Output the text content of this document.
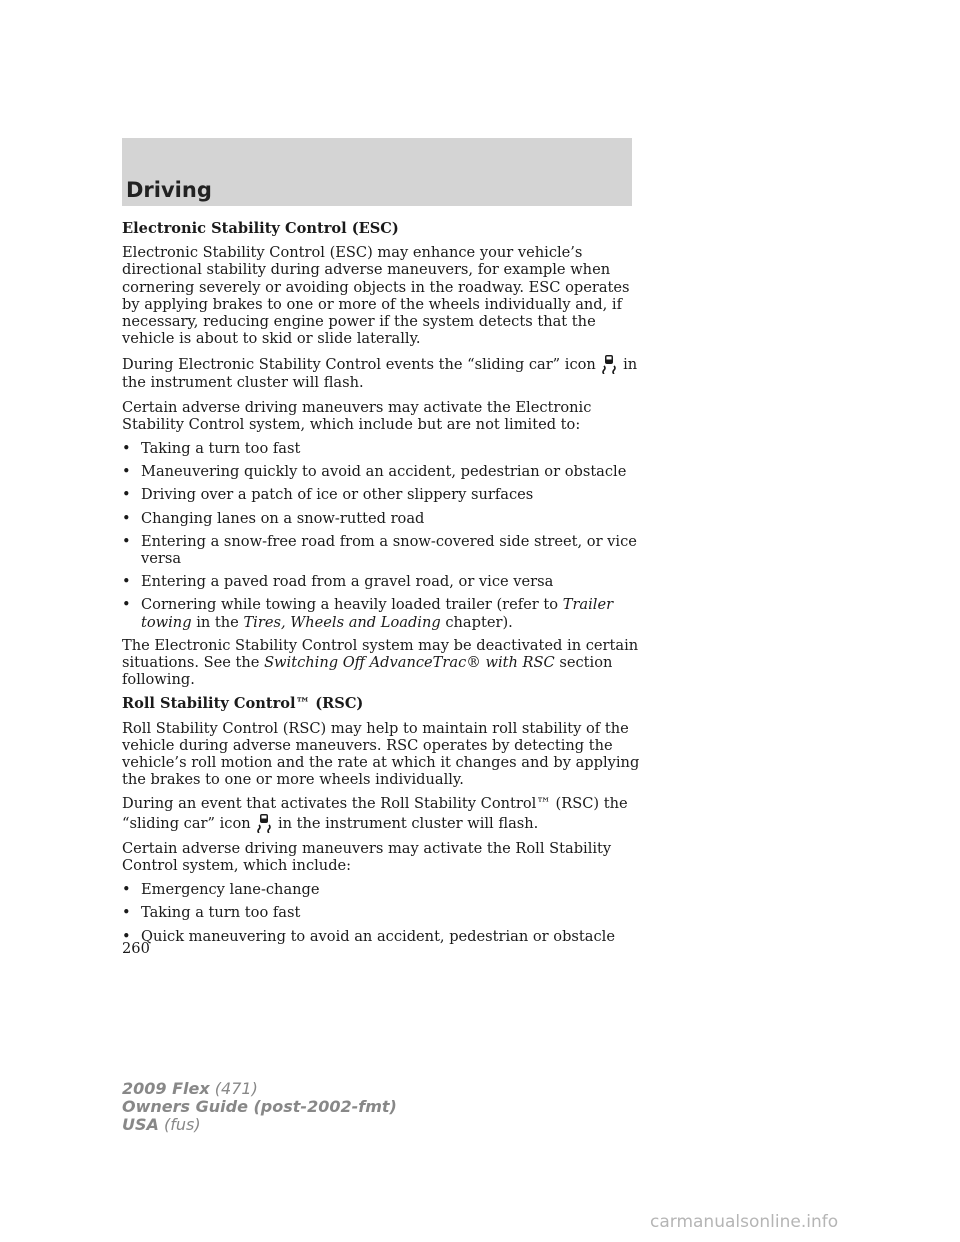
Driving
Electronic Stability Control (ESC)

Electronic Stability Control (ESC) may enhance your vehicle’s directional stability during adverse maneuvers, for example when cornering severely or avoiding objects in the roadway. ESC operates by applying brakes to one or more of the wheels individually and, if necessary, reducing engine power if the system detects that the vehicle is about to skid or slide laterally.

During Electronic Stability Control events the “sliding car” icon in the instrument cluster will flash.

Certain adverse driving maneuvers may activate the Electronic Stability Control system, which include but are not limited to:

• Taking a turn too fast
• Maneuvering quickly to avoid an accident, pedestrian or obstacle
• Driving over a patch of ice or other slippery surfaces
• Changing lanes on a snow-rutted road
• Entering a snow-free road from a snow-covered side street, or vice versa
• Entering a paved road from a gravel road, or vice versa
• Cornering while towing a heavily loaded trailer (refer to Trailer towing in the Tires, Wheels and Loading chapter).

The Electronic Stability Control system may be deactivated in certain situations. See the Switching Off AdvanceTrac® with RSC section following.

Roll Stability Control™ (RSC)

Roll Stability Control (RSC) may help to maintain roll stability of the vehicle during adverse maneuvers. RSC operates by detecting the vehicle’s roll motion and the rate at which it changes and by applying the brakes to one or more wheels individually.

During an event that activates the Roll Stability Control™ (RSC) the “sliding car” icon in the instrument cluster will flash.

Certain adverse driving maneuvers may activate the Roll Stability Control system, which include:

• Emergency lane-change
• Taking a turn too fast
• Quick maneuvering to avoid an accident, pedestrian or obstacle
260
2009 Flex (471)
Owners Guide (post-2002-fmt)
USA (fus)
carmanualsonline.info
